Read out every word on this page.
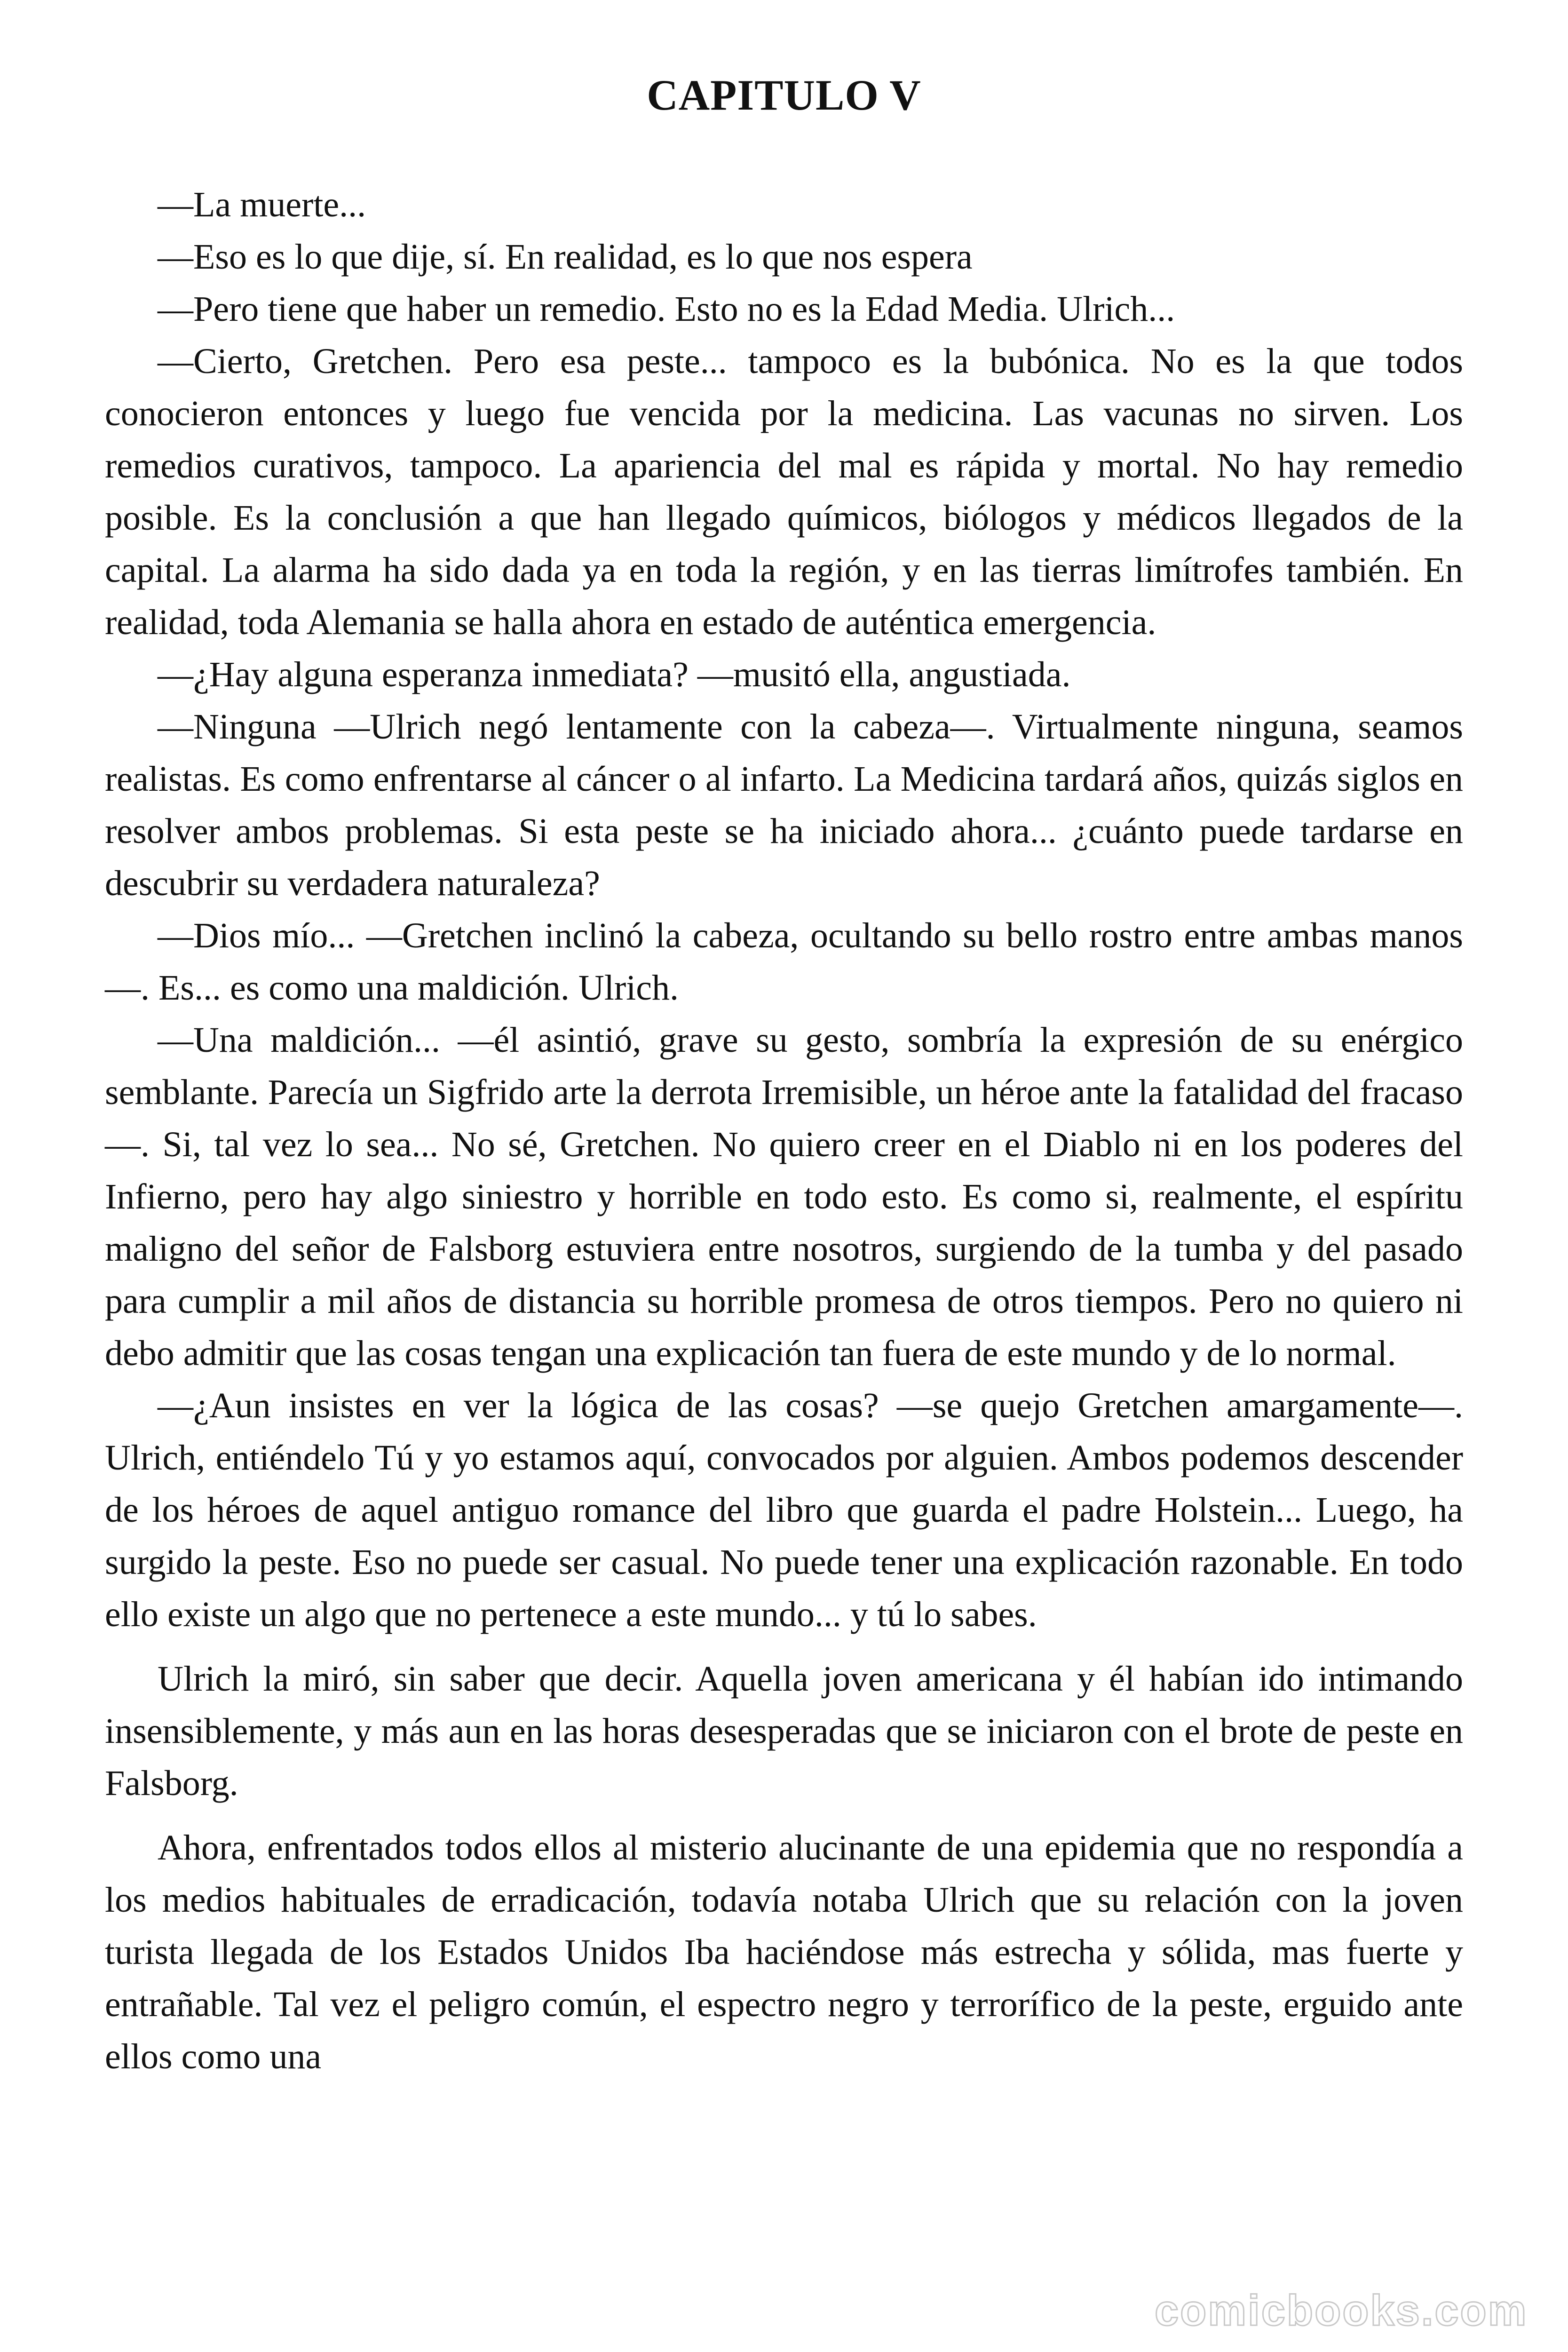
CAPITULO V

—La muerte...

—Eso es lo que dije, sí. En realidad, es lo que nos espera

—Pero tiene que haber un remedio. Esto no es la Edad Media. Ulrich...

—Cierto, Gretchen. Pero esa peste... tampoco es la bubónica. No es la que todos conocieron entonces y luego fue vencida por la medicina. Las vacunas no sirven. Los remedios curativos, tampoco. La apariencia del mal es rápida y mortal. No hay remedio posible. Es la conclusión a que han llegado químicos, biólogos y médicos llegados de la capital. La alarma ha sido dada ya en toda la región, y en las tierras limítrofes también. En realidad, toda Alemania se halla ahora en estado de auténtica emergencia.

—¿Hay alguna esperanza inmediata? —musitó ella, angustiada.

—Ninguna —Ulrich negó lentamente con la cabeza—. Virtualmente ninguna, seamos realistas. Es como enfrentarse al cáncer o al infarto. La Medicina tardará años, quizás siglos en resolver ambos problemas. Si esta peste se ha iniciado ahora... ¿cuánto puede tardarse en descubrir su verdadera naturaleza?

—Dios mío... —Gretchen inclinó la cabeza, ocultando su bello rostro entre ambas manos—. Es... es como una maldición. Ulrich.

—Una maldición... —él asintió, grave su gesto, sombría la expresión de su enérgico semblante. Parecía un Sigfrido arte la derrota Irremisible, un héroe ante la fatalidad del fracaso—. Si, tal vez lo sea... No sé, Gretchen. No quiero creer en el Diablo ni en los poderes del Infierno, pero hay algo siniestro y horrible en todo esto. Es como si, realmente, el espíritu maligno del señor de Falsborg estuviera entre nosotros, surgiendo de la tumba y del pasado para cumplir a mil años de distancia su horrible promesa de otros tiempos. Pero no quiero ni debo admitir que las cosas tengan una explicación tan fuera de este mundo y de lo normal.

—¿Aun insistes en ver la lógica de las cosas? —se quejo Gretchen amargamente—. Ulrich, entiéndelo Tú y yo estamos aquí, convocados por alguien. Ambos podemos descender de los héroes de aquel antiguo romance del libro que guarda el padre Holstein... Luego, ha surgido la peste. Eso no puede ser casual. No puede tener una explicación razonable. En todo ello existe un algo que no pertenece a este mundo... y tú lo sabes.

Ulrich la miró, sin saber que decir. Aquella joven americana y él habían ido intimando insensiblemente, y más aun en las horas desesperadas que se iniciaron con el brote de peste en Falsborg.

Ahora, enfrentados todos ellos al misterio alucinante de una epidemia que no respondía a los medios habituales de erradicación, todavía notaba Ulrich que su relación con la joven turista llegada de los Estados Unidos Iba haciéndose más estrecha y sólida, mas fuerte y entrañable. Tal vez el peligro común, el espectro negro y terrorífico de la peste, erguido ante ellos como una

comicbooks.com
